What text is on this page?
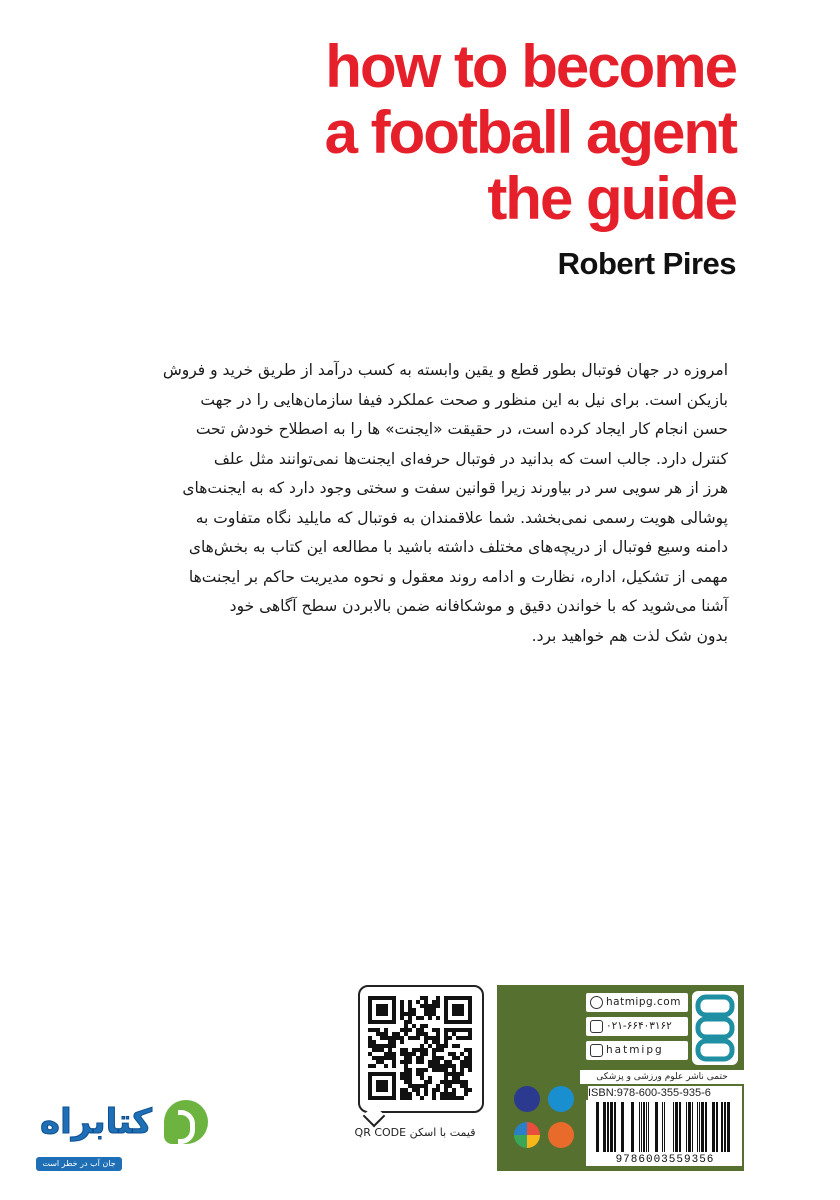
how to become
a football agent
the guide
Robert Pires
امروزه در جهان فوتبال بطور قطع و یقین وابسته به کسب درآمد از طریق خرید و فروش
بازیکن است. برای نیل به این منظور و صحت عملکرد فیفا سازمان‌هایی را در جهت
حسن انجام کار ایجاد کرده است، در حقیقت «ایجنت» ها را به اصطلاح خودش تحت
کنترل دارد. جالب است که بدانید در فوتبال حرفه‌ای ایجنت‌ها نمی‌توانند مثل علف
هرز از هر سویی سر در بیاورند زیرا قوانین سفت و سختی وجود دارد که به ایجنت‌های
پوشالی هویت رسمی نمی‌بخشد. شما علاقمندان به فوتبال که مایلید نگاه متفاوت به
دامنه وسیع فوتبال از دریچه‌های مختلف داشته باشید با مطالعه این کتاب به بخش‌های
مهمی از تشکیل، اداره، نظارت و ادامه روند معقول و نحوه مدیریت حاکم بر ایجنت‌ها
آشنا می‌شوید که با خواندن دقیق و موشکافانه ضمن بالابردن سطح آگاهی خود
بدون شک لذت هم خواهید برد.
کتابراه
جان آب در خطر است
قیمت با اسکن QR CODE
hatmipg.com
۰۲۱-۶۶۴۰۳۱۶۲
hatmipg
حتمی ناشر علوم ورزشی و پزشکی
ISBN:978-600-355-935-6
9786003559356
